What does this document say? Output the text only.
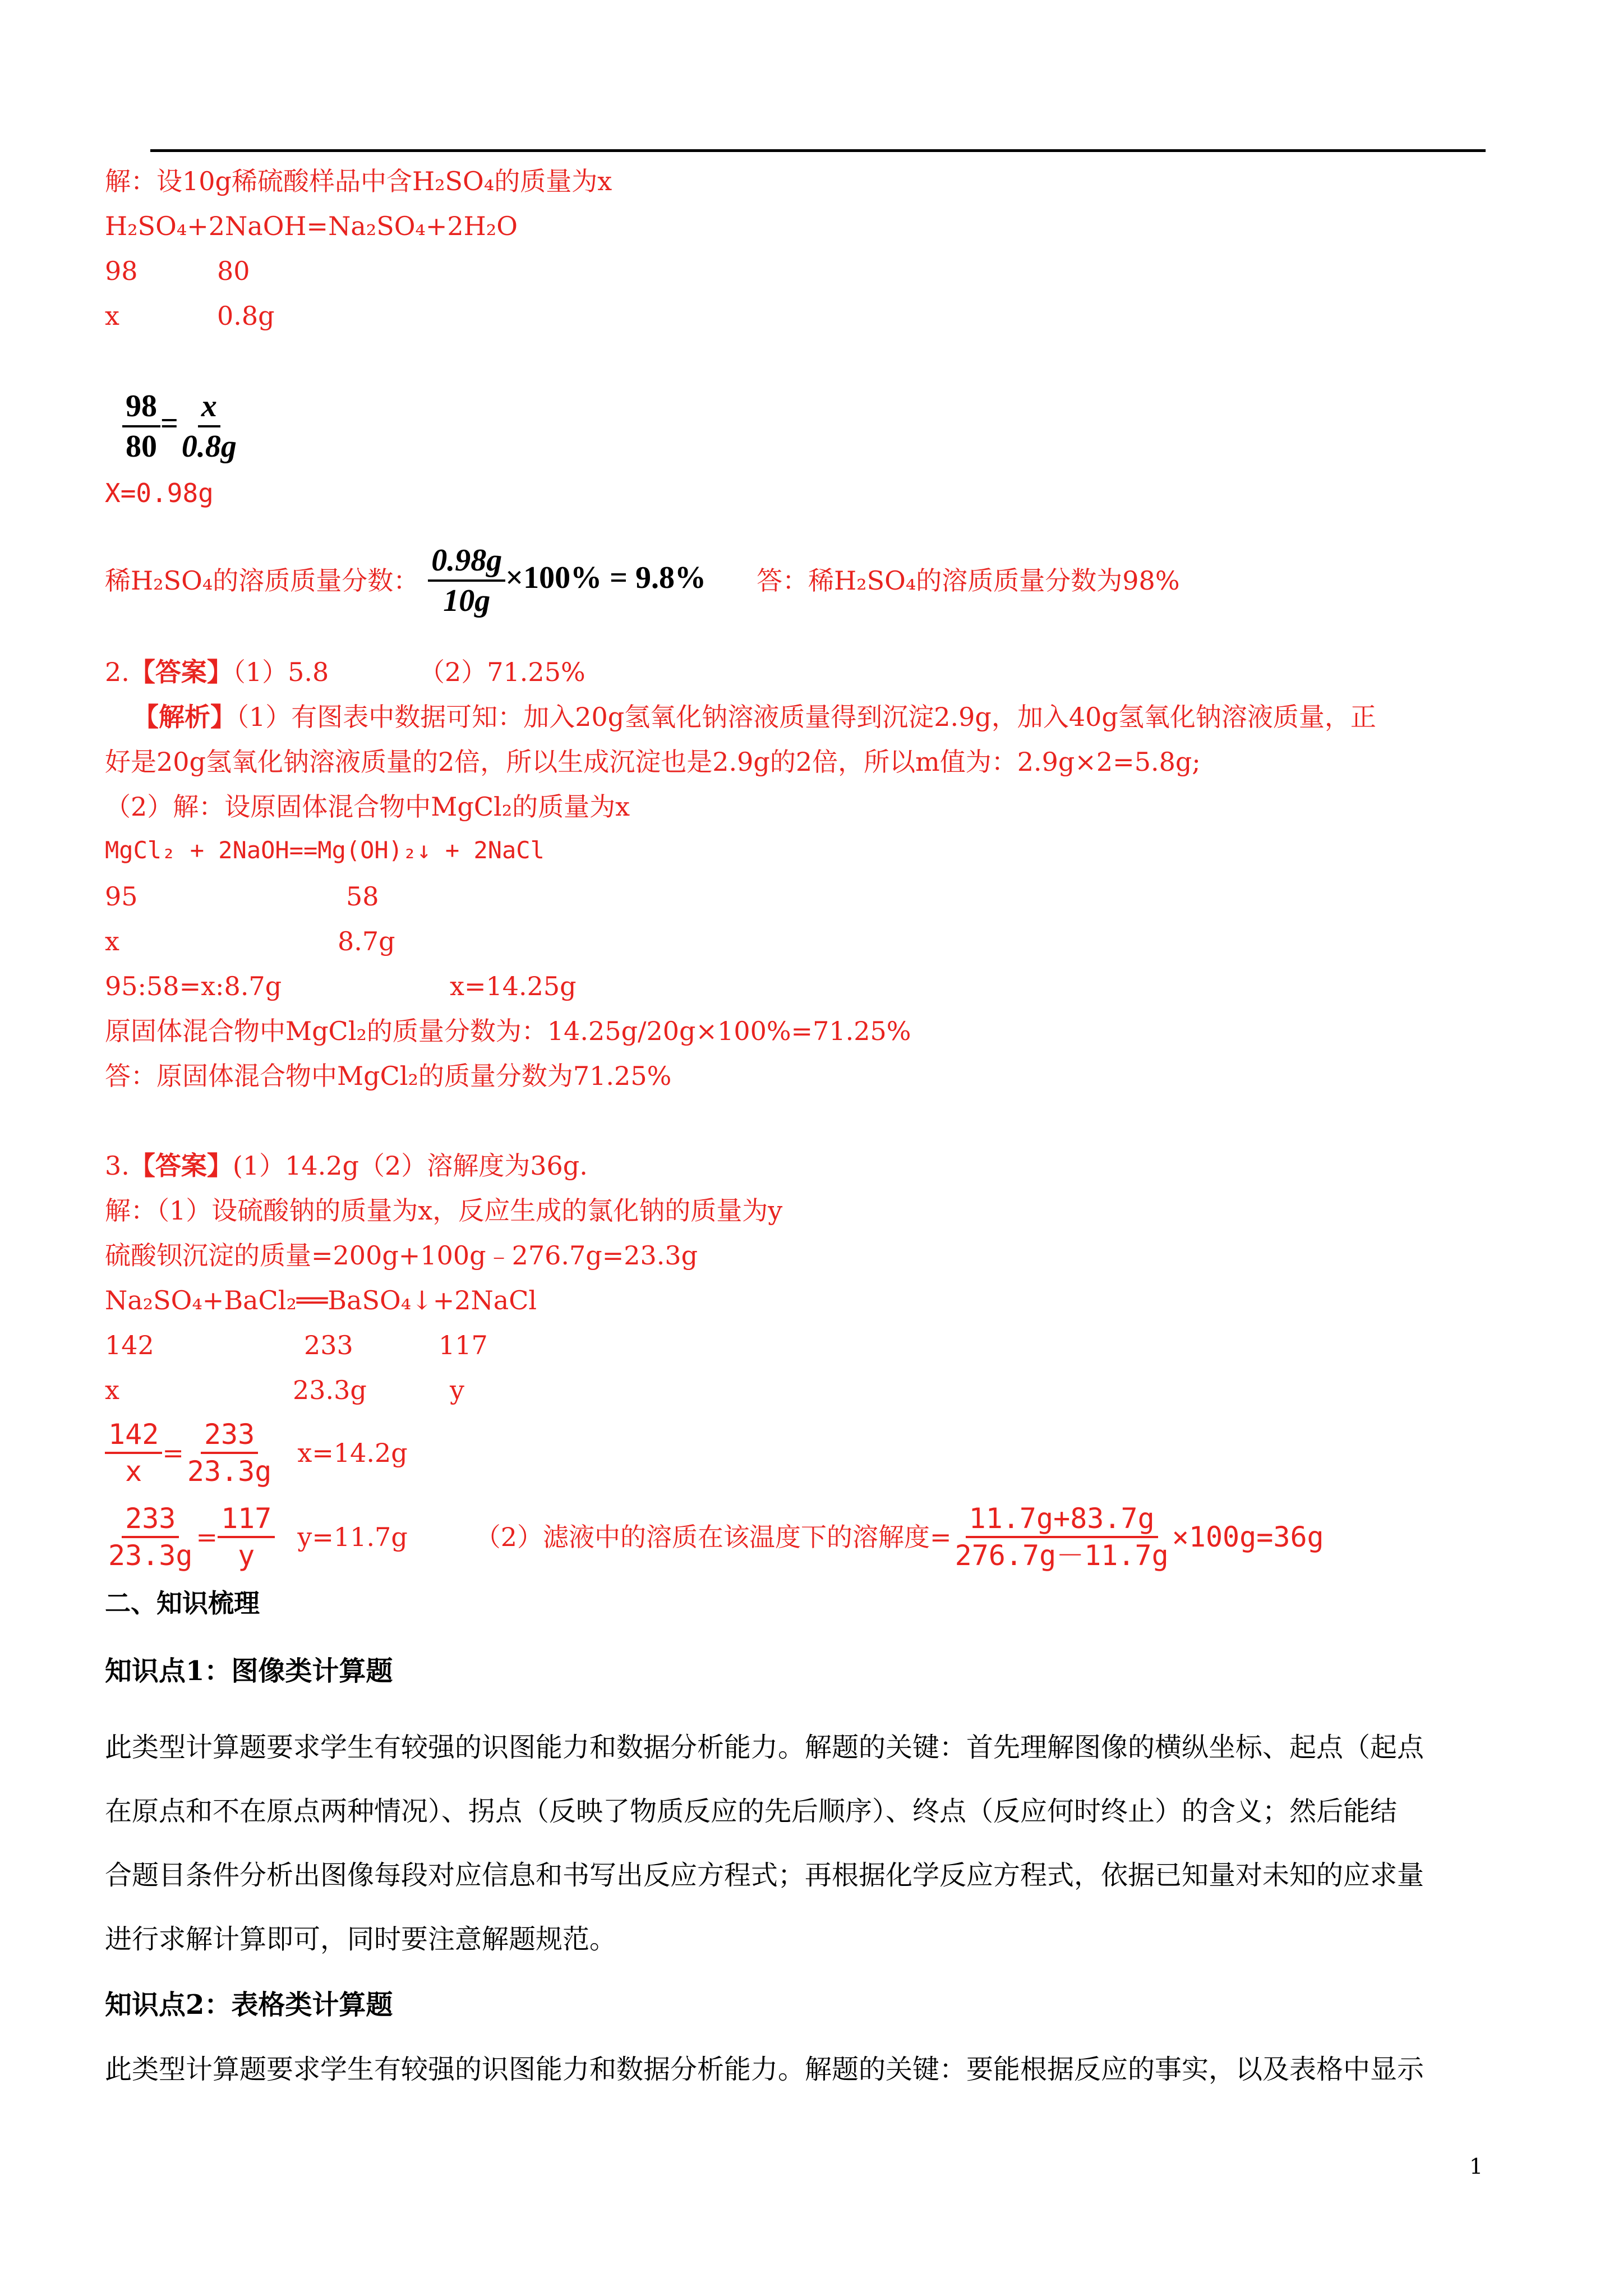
解：设10g稀硫酸样品中含H₂SO₄的质量为x
H₂SO₄+2NaOH=Na₂SO₄+2H₂O
98	80
x	0.8g

$\frac{98}{80} = \frac{x}{0.8g}$

X=0.98g
稀H₂SO₄的溶质质量分数： $\frac{0.98g}{10g} \times 100\% = 9.8\%$ 答：稀H₂SO₄的溶质质量分数为98%
2.【答案】（1）5.8	（2）71.25%
【解析】（1）有图表中数据可知：加入20g氢氧化钠溶液质量得到沉淀2.9g，加入40g氢氧化钠溶液质量，正
好是20g氢氧化钠溶液质量的2倍，所以生成沉淀也是2.9g的2倍，所以m值为：2.9g×2=5.8g;
（2）解：设原固体混合物中MgCl₂的质量为x
MgCl₂ + 2NaOH==Mg(OH)₂↓ + 2NaCl
95	58
x	8.7g
95:58=x:8.7g	x=14.25g
原固体混合物中MgCl₂的质量分数为：14.25g/20g×100%=71.25%
答：原固体混合物中MgCl₂的质量分数为71.25%
3.【答案】(1）14.2g（2）溶解度为36g.
解：（1）设硫酸钠的质量为x，反应生成的氯化钠的质量为y
硫酸钡沉淀的质量=200g+100g﹣276.7g=23.3g
Na₂SO₄+BaCl₂══BaSO₄↓+2NaCl
142	233	117
x	23.3g	y
$\frac{142}{x} = \frac{233}{23.3g} x=14.2g$
$\frac{233}{23.3g} = \frac{117}{y} y=11.7g$	（2）滤液中的溶质在该温度下的溶解度= $\frac{11.7g+83.7g}{276.7g-11.7g} \times 100g=36g$
二、知识梳理
知识点1：图像类计算题
此类型计算题要求学生有较强的识图能力和数据分析能力。解题的关键：首先理解图像的横纵坐标、起点（起点
在原点和不在原点两种情况）、拐点（反映了物质反应的先后顺序）、终点（反应何时终止）的含义；然后能结
合题目条件分析出图像每段对应信息和书写出反应方程式；再根据化学反应方程式，依据已知量对未知的应求量
进行求解计算即可，同时要注意解题规范。
知识点2：表格类计算题
此类型计算题要求学生有较强的识图能力和数据分析能力。解题的关键：要能根据反应的事实，以及表格中显示
1
